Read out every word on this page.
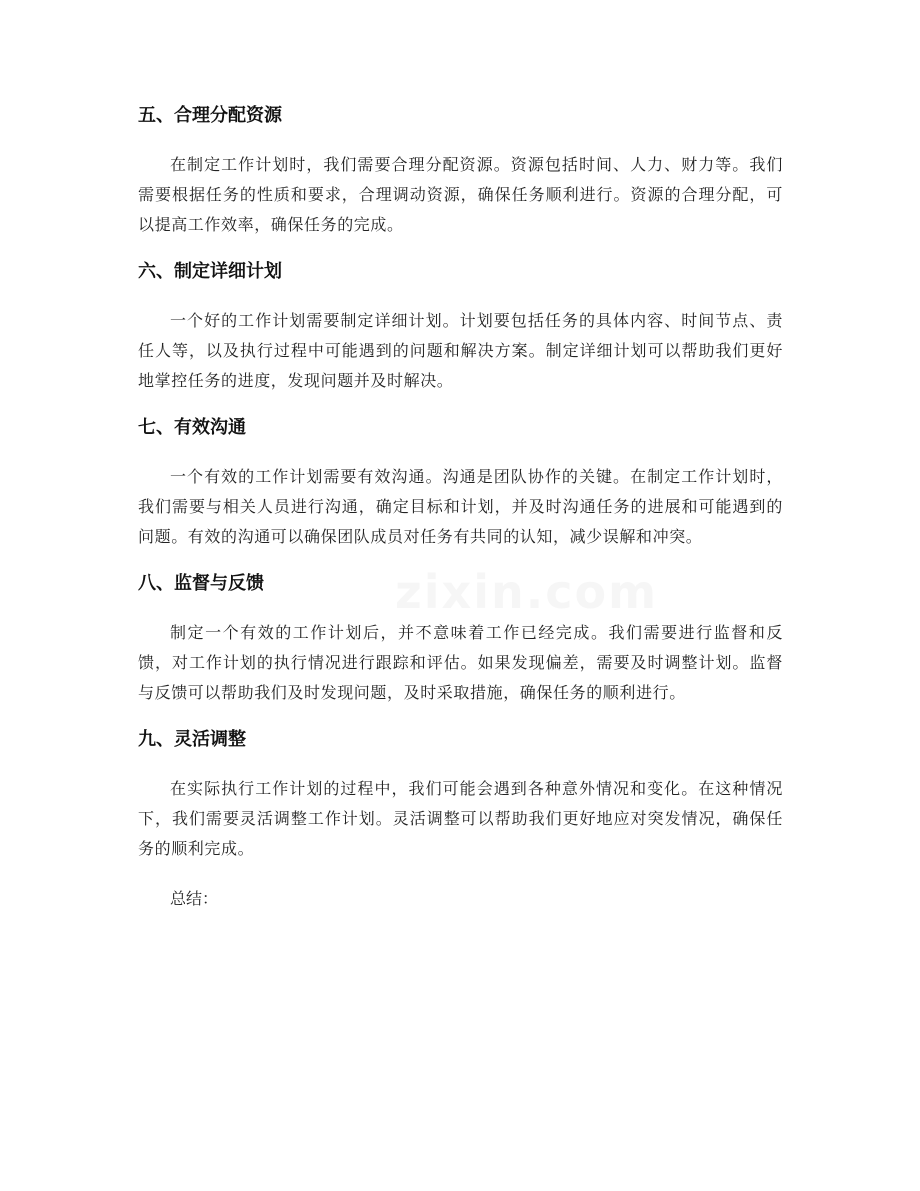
zixin.com
五、合理分配资源

在制定工作计划时，我们需要合理分配资源。资源包括时间、人力、财力等。我们需要根据任务的性质和要求，合理调动资源，确保任务顺利进行。资源的合理分配，可以提高工作效率，确保任务的完成。

六、制定详细计划

一个好的工作计划需要制定详细计划。计划要包括任务的具体内容、时间节点、责任人等，以及执行过程中可能遇到的问题和解决方案。制定详细计划可以帮助我们更好地掌控任务的进度，发现问题并及时解决。

七、有效沟通

一个有效的工作计划需要有效沟通。沟通是团队协作的关键。在制定工作计划时，我们需要与相关人员进行沟通，确定目标和计划，并及时沟通任务的进展和可能遇到的问题。有效的沟通可以确保团队成员对任务有共同的认知，减少误解和冲突。

八、监督与反馈

制定一个有效的工作计划后，并不意味着工作已经完成。我们需要进行监督和反馈，对工作计划的执行情况进行跟踪和评估。如果发现偏差，需要及时调整计划。监督与反馈可以帮助我们及时发现问题，及时采取措施，确保任务的顺利进行。

九、灵活调整

在实际执行工作计划的过程中，我们可能会遇到各种意外情况和变化。在这种情况下，我们需要灵活调整工作计划。灵活调整可以帮助我们更好地应对突发情况，确保任务的顺利完成。

总结：
